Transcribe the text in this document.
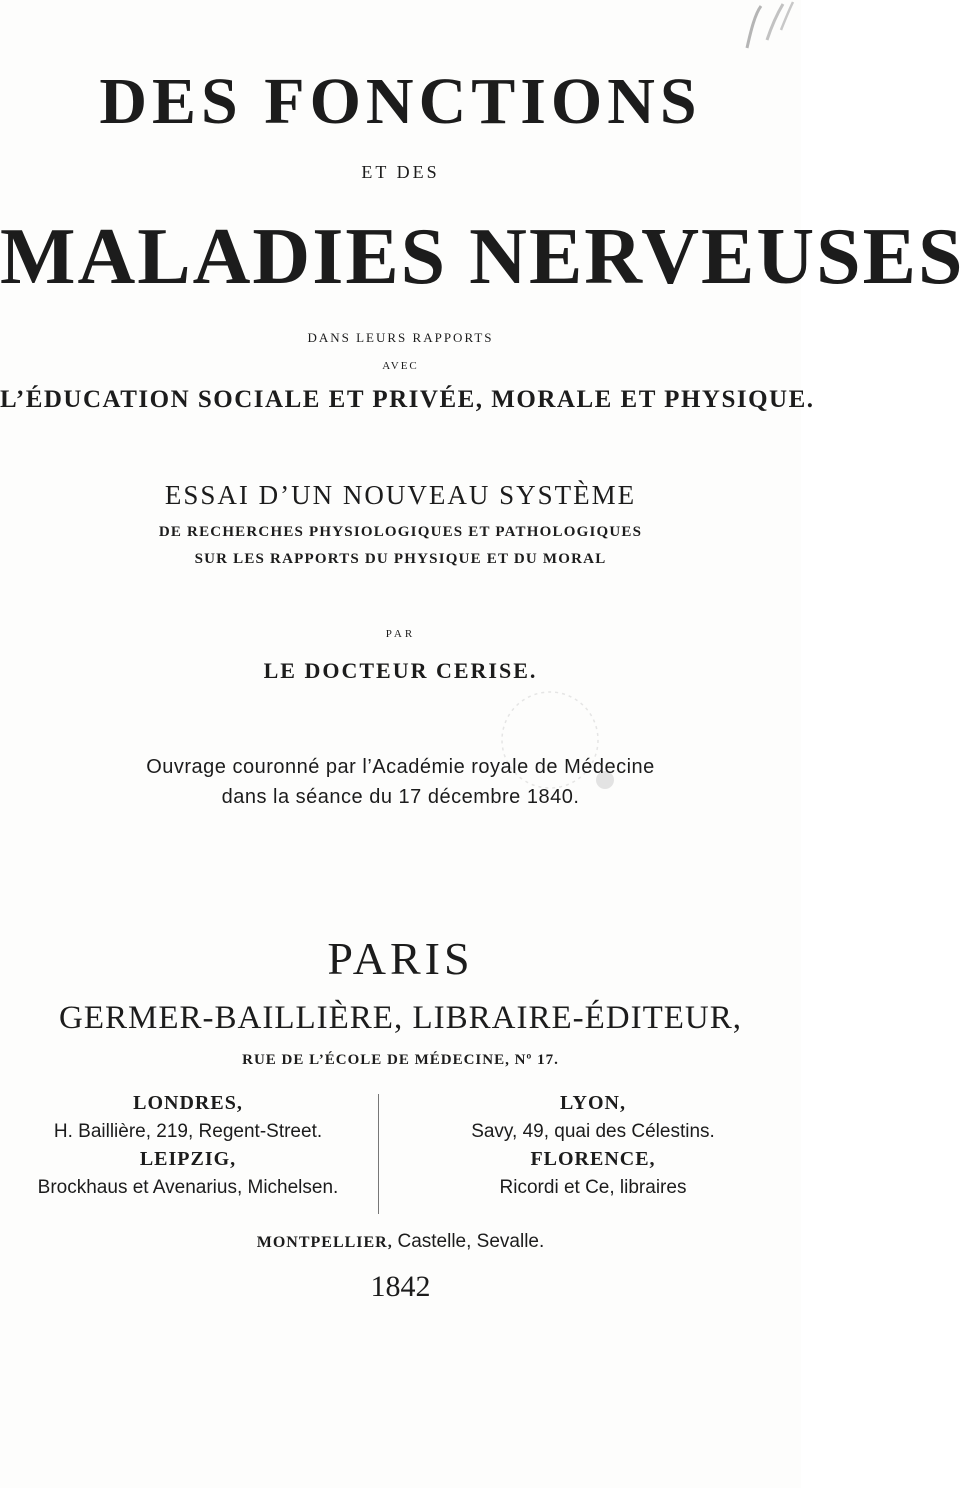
DES FONCTIONS
ET DES
MALADIES NERVEUSES
DANS LEURS RAPPORTS
AVEC
L’ÉDUCATION SOCIALE ET PRIVÉE, MORALE ET PHYSIQUE.
ESSAI D’UN NOUVEAU SYSTÈME
DE RECHERCHES PHYSIOLOGIQUES ET PATHOLOGIQUES
SUR LES RAPPORTS DU PHYSIQUE ET DU MORAL
PAR
LE DOCTEUR CERISE.
Ouvrage couronné par l’Académie royale de Médecine
dans la séance du 17 décembre 1840.
PARIS
GERMER-BAILLIÈRE, LIBRAIRE-ÉDITEUR,
RUE DE L’ÉCOLE DE MÉDECINE, Nº 17.
LONDRES,
H. Baillière, 219, Regent-Street.
LEIPZIG,
Brockhaus et Avenarius, Michelsen.
LYON,
Savy, 49, quai des Célestins.
FLORENCE,
Ricordi et Ce, libraires
MONTPELLIER, Castelle, Sevalle.
1842
